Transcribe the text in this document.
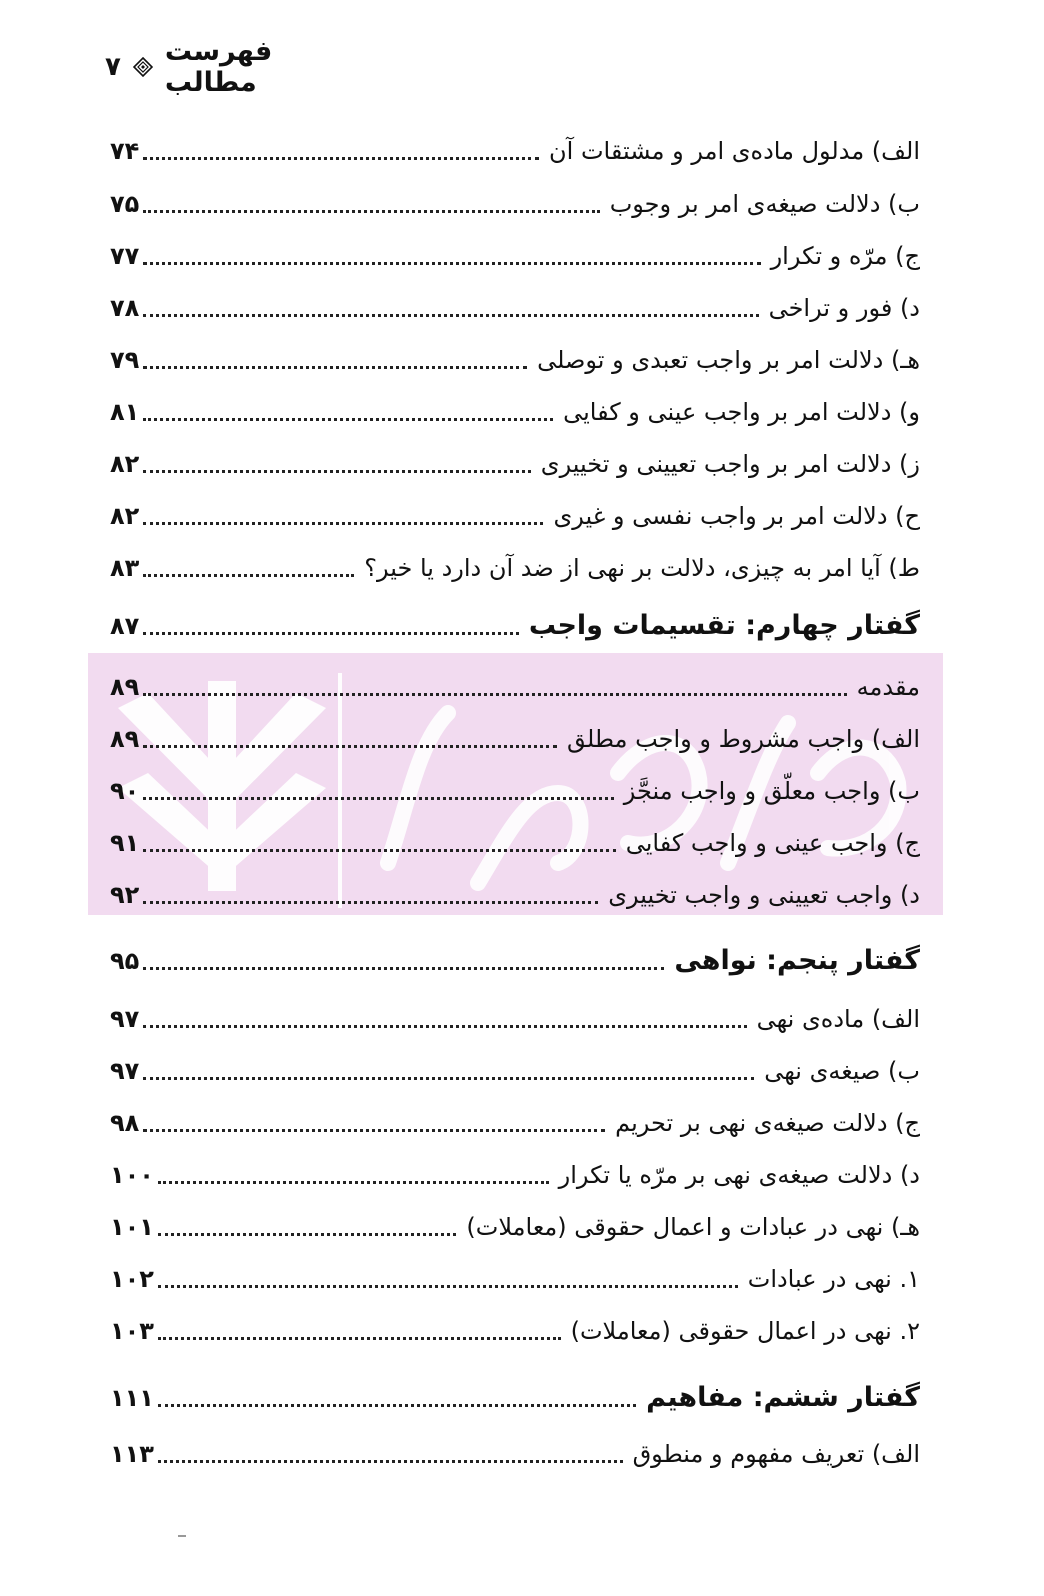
فهرست مطالب
۷
الف) مدلول ماده‌ی امر و مشتقات آن
۷۴
ب) دلالت صیغه‌ی امر بر وجوب
۷۵
ج) مرّه و تکرار
۷۷
د) فور و تراخی
۷۸
هـ) دلالت امر بر واجب تعبدی و توصلی
۷۹
و) دلالت امر بر واجب عینی و کفایی
۸۱
ز) دلالت امر بر واجب تعیینی و تخییری
۸۲
ح) دلالت امر بر واجب نفسی و غیری
۸۲
ط) آیا امر به چیزی، دلالت بر نهی از ضد آن دارد یا خیر؟
۸۳
گفتار چهارم: تقسیمات واجب
۸۷
مقدمه
۸۹
الف) واجب مشروط و واجب مطلق
۸۹
ب) واجب معلّق و واجب منجَّز
۹۰
ج) واجب عینی و واجب کفایی
۹۱
د) واجب تعیینی و واجب تخییری
۹۲
گفتار پنجم: نواهی
۹۵
الف) ماده‌ی نهی
۹۷
ب) صیغه‌ی نهی
۹۷
ج) دلالت صیغه‌ی نهی بر تحریم
۹۸
د) دلالت صیغه‌ی نهی بر مرّه یا تکرار
۱۰۰
هـ) نهی در عبادات و اعمال حقوقی (معاملات)
۱۰۱
۱. نهی در عبادات
۱۰۲
۲. نهی در اعمال حقوقی (معاملات)
۱۰۳
گفتار ششم: مفاهیم
۱۱۱
الف) تعریف مفهوم و منطوق
۱۱۳
